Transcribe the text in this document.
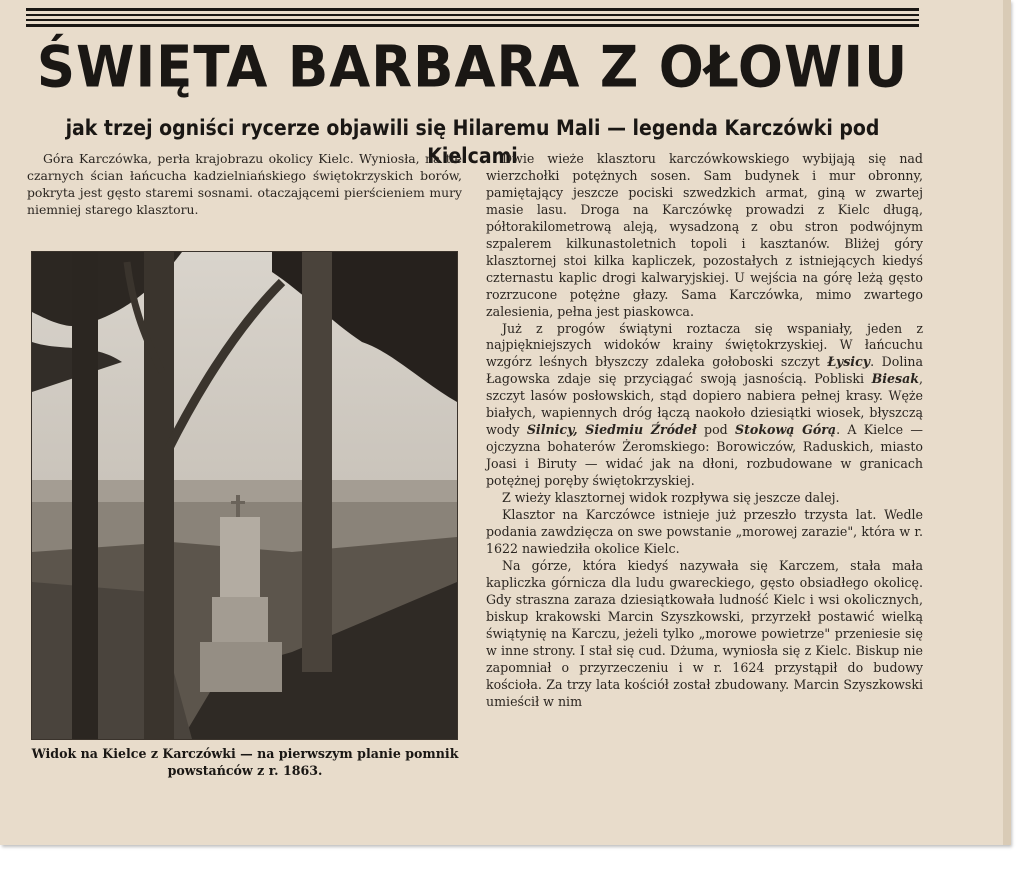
ŚWIĘTA BARBARA Z OŁOWIU
jak trzej ogniści rycerze objawili się Hilaremu Mali — legenda Karczówki pod Kielcami

Góra Karczówka, perła krajobrazu okolicy Kielc. Wyniosła, na tle czarnych ścian łańcucha kadzielniańskiego świętokrzyskich borów, pokryta jest gęsto staremi sosnami. otaczającemi pierścieniem mury niemniej starego klasztoru.

Widok na Kielce z Karczówki — na pierwszym planie pomnik powstańców z r. 1863.

Dwie wieże klasztoru karczówkowskiego wybijają się nad wierzchołki potężnych sosen. Sam budynek i mur obronny, pamiętający jeszcze pociski szwedzkich armat, giną w zwartej masie lasu. Droga na Karczówkę prowadzi z Kielc długą, półtorakilometrową aleją, wysadzoną z obu stron podwójnym szpalerem kilkunastoletnich topoli i kasztanów. Bliżej góry klasztornej stoi kilka kapliczek, pozostałych z istniejących kiedyś czternastu kaplic drogi kalwaryjskiej. U wejścia na górę leżą gęsto rozrzucone potężne głazy. Sama Karczówka, mimo zwartego zalesienia, pełna jest piaskowca.

Już z progów świątyni roztacza się wspaniały, jeden z najpiękniejszych widoków krainy świętokrzyskiej. W łańcuchu wzgórz leśnych błyszczy zdaleka gołoboski szczyt Łysicy. Dolina Łagowska zdaje się przyciągać swoją jasnością. Pobliski Biesak, szczyt lasów posłowskich, stąd dopiero nabiera pełnej krasy. Węże białych, wapiennych dróg łączą naokoło dziesiątki wiosek, błyszczą wody Silnicy, Siedmiu Źródeł pod Stokową Górą. A Kielce — ojczyzna bohaterów Żeromskiego: Borowiczów, Raduskich, miasto Joasi i Biruty — widać jak na dłoni, rozbudowane w granicach potężnej poręby świętokrzyskiej.

Z wieży klasztornej widok rozpływa się jeszcze dalej.

Klasztor na Karczówce istnieje już przeszło trzysta lat. Wedle podania zawdzięcza on swe powstanie „morowej zarazie", która w r. 1622 nawiedziła okolice Kielc.

Na górze, która kiedyś nazywała się Karczem, stała mała kapliczka górnicza dla ludu gwareckiego, gęsto obsiadłego okolicę. Gdy straszna zaraza dziesiątkowała ludność Kielc i wsi okolicznych, biskup krakowski Marcin Szyszkowski, przyrzekł postawić wielką świątynię na Karczu, jeżeli tylko „morowe powietrze" przeniesie się w inne strony. I stał się cud. Dżuma, wyniosła się z Kielc. Biskup nie zapomniał o przyrzeczeniu i w r. 1624 przystąpił do budowy kościoła. Za trzy lata kościół został zbudowany. Marcin Szyszkowski umieścił w nim
